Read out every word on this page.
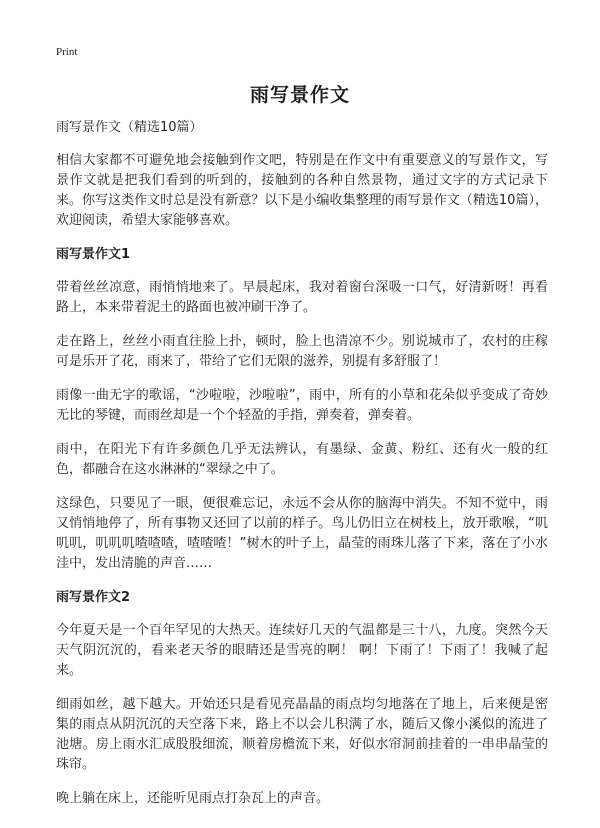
Print
雨写景作文

雨写景作文（精选10篇）

相信大家都不可避免地会接触到作文吧，特别是在作文中有重要意义的写景作文，写景作文就是把我们看到的听到的，接触到的各种自然景物，通过文字的方式记录下来。你写这类作文时总是没有新意？以下是小编收集整理的雨写景作文（精选10篇），欢迎阅读，希望大家能够喜欢。

雨写景作文1

带着丝丝凉意，雨悄悄地来了。早晨起床，我对着窗台深吸一口气，好清新呀！再看路上，本来带着泥土的路面也被冲刷干净了。

走在路上，丝丝小雨直往脸上扑，顿时，脸上也清凉不少。别说城市了，农村的庄稼可是乐开了花，雨来了，带给了它们无限的滋养，别提有多舒服了！

雨像一曲无字的歌谣，“沙啦啦，沙啦啦”，雨中，所有的小草和花朵似乎变成了奇妙无比的琴键，而雨丝却是一个个轻盈的手指，弹奏着，弹奏着。

雨中，在阳光下有许多颜色几乎无法辨认，有墨绿、金黄、粉红、还有火一般的红色，都融合在这水淋淋的“翠绿之中了。

这绿色，只要见了一眼，便很难忘记，永远不会从你的脑海中消失。不知不觉中，雨又悄悄地停了，所有事物又还回了以前的样子。鸟儿仍旧立在树枝上，放开歌喉，“叽叽叽，叽叽叽喳喳喳，喳喳喳！”树木的叶子上，晶莹的雨珠儿落了下来，落在了小水洼中，发出清脆的声音……

雨写景作文2

今年夏天是一个百年罕见的大热天。连续好几天的气温都是三十八，九度。突然今天天气阴沉沉的，看来老天爷的眼睛还是雪亮的啊！ 啊！下雨了！下雨了！我喊了起来。

细雨如丝，越下越大。开始还只是看见亮晶晶的雨点均匀地落在了地上，后来便是密集的雨点从阴沉沉的天空落下来，路上不以会儿积满了水，随后又像小溪似的流进了池塘。房上雨水汇成股股细流，顺着房檐流下来，好似水帘洞前挂着的一串串晶莹的珠帘。

晚上躺在床上，还能听见雨点打杂瓦上的声音。
